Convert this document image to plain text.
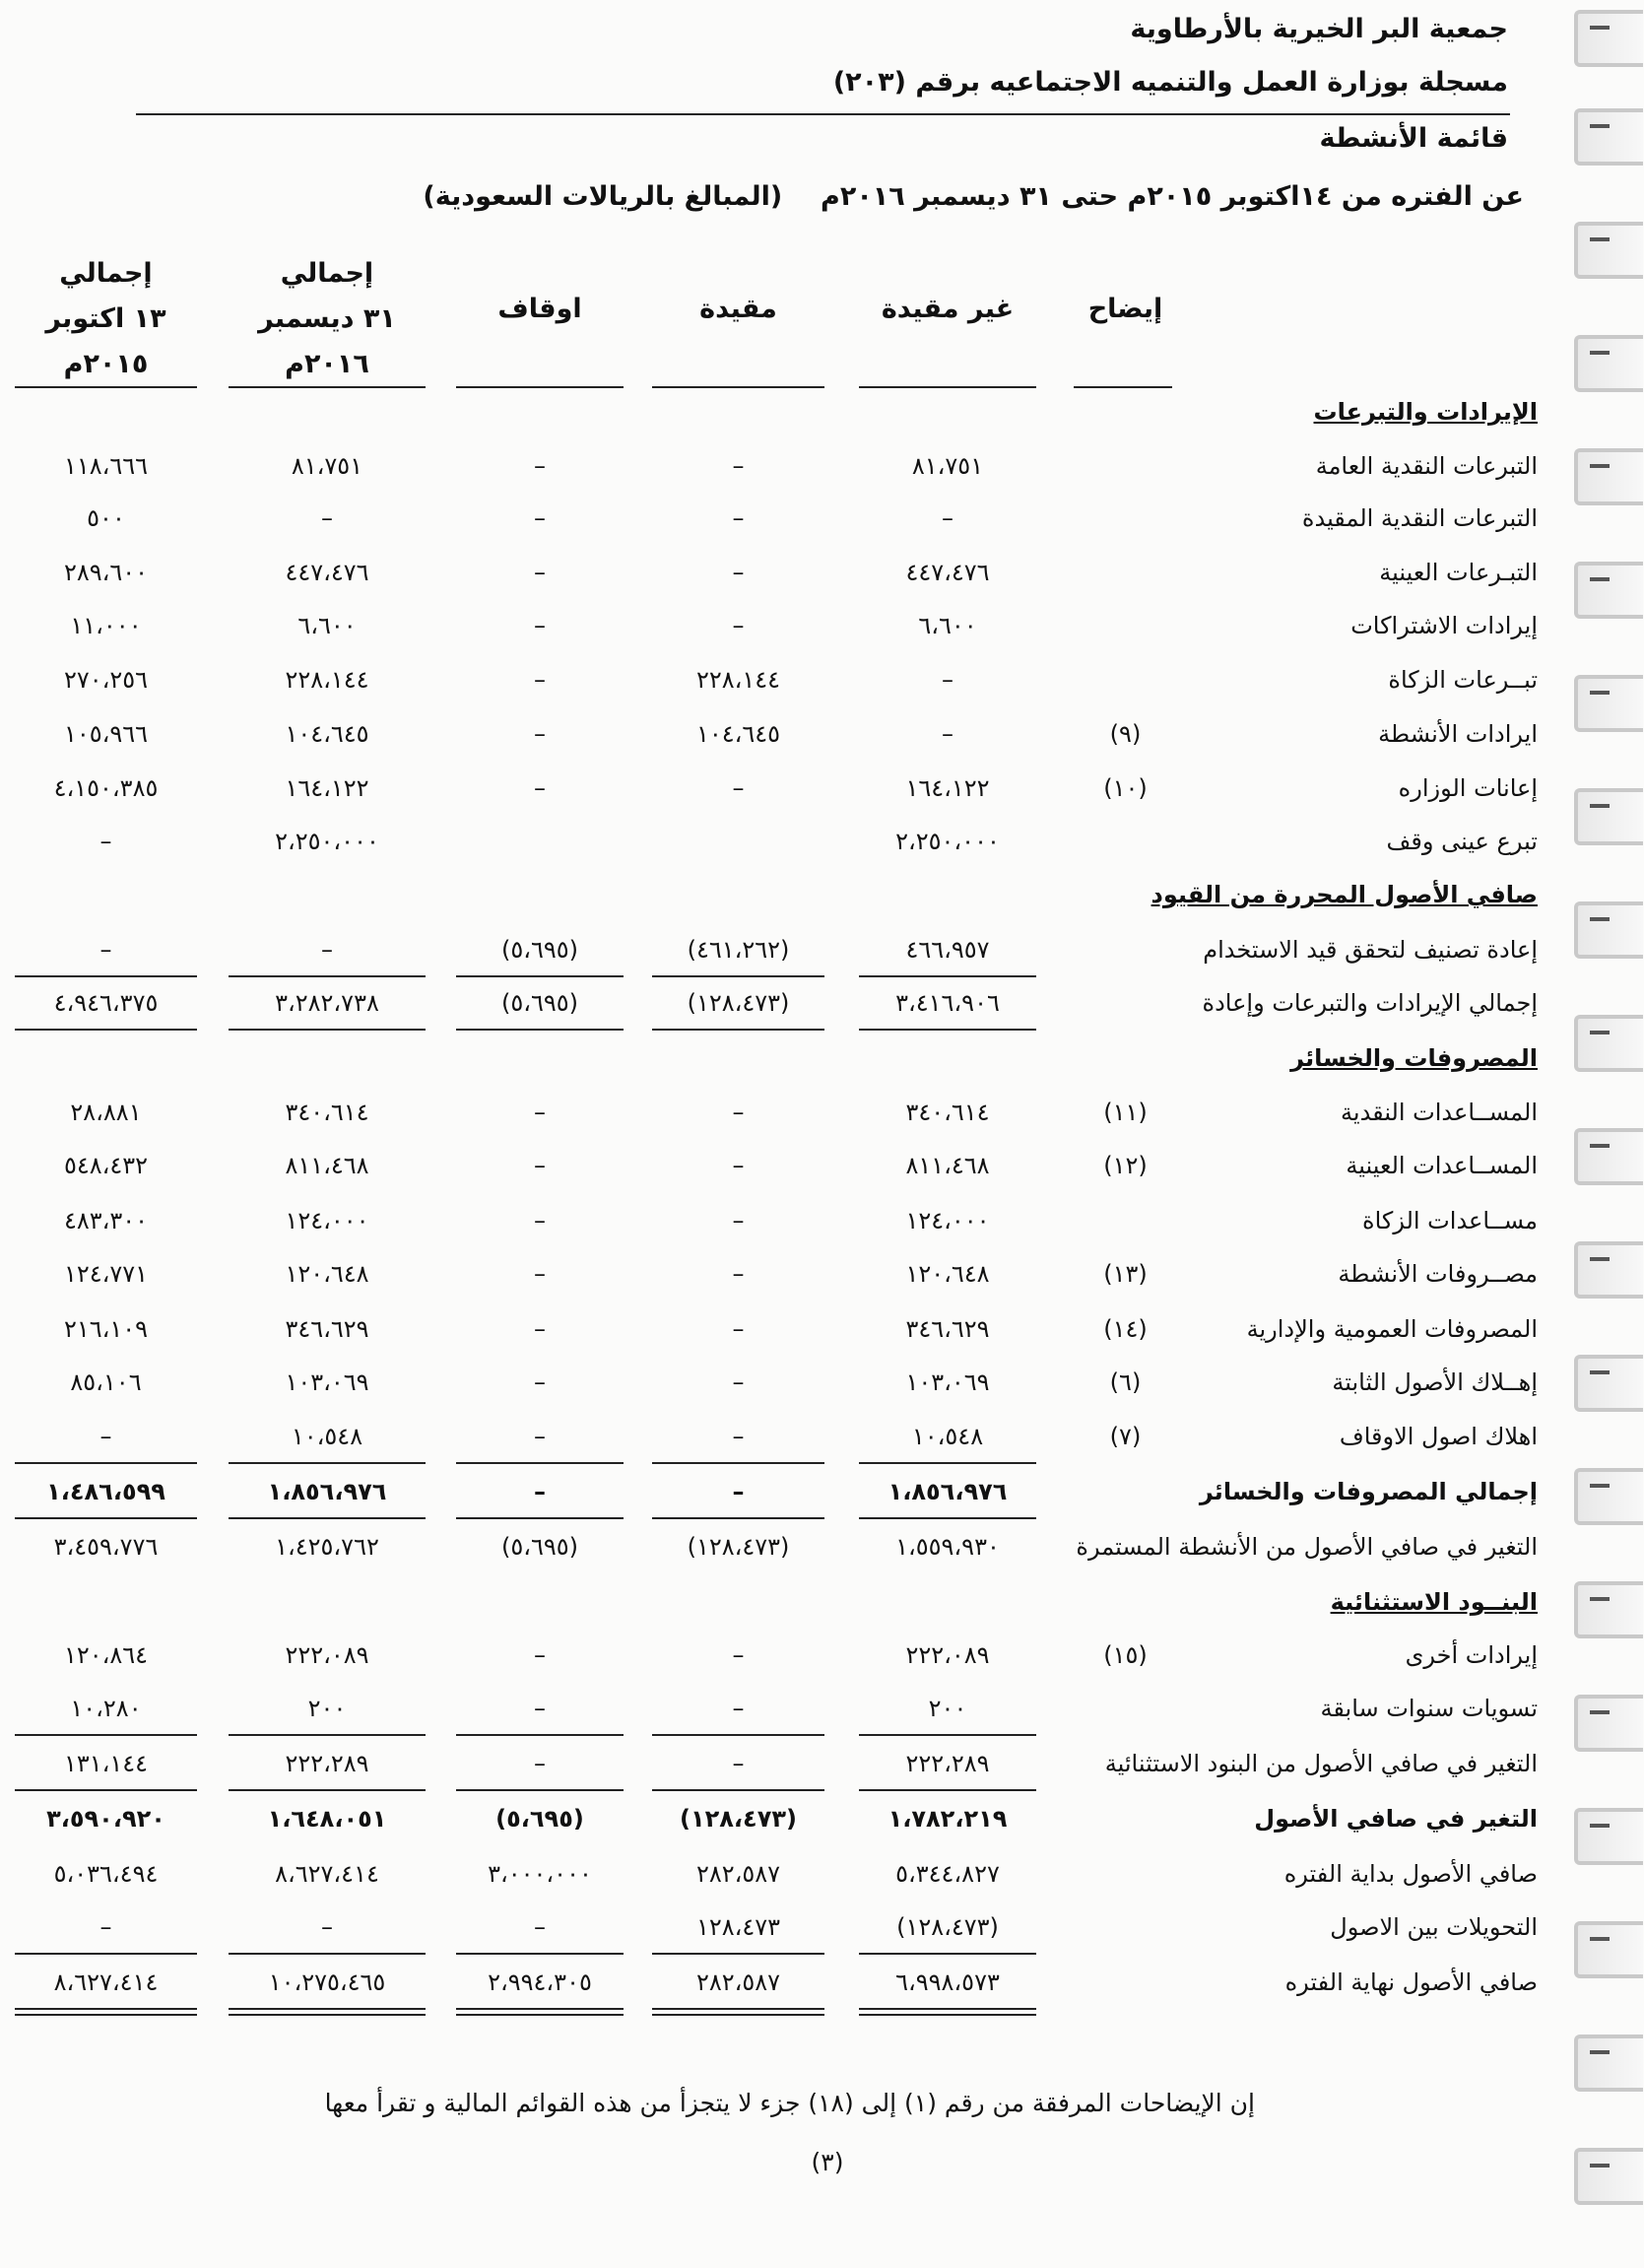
جمعية البر الخيرية بالأرطاوية
مسجلة بوزارة العمل والتنميه الاجتماعيه برقم (٢٠٣)
قائمة الأنشطة
عن الفتره من ١٤اكتوبر ٢٠١٥م حتى ٣١ ديسمبر ٢٠١٦م  (المبالغ بالريالات السعودية)
إيضاح
غير مقيدة
مقيدة
اوقاف
إجمالي
٣١ ديسمبر
٢٠١٦م
إجمالي
١٣ اكتوبر
٢٠١٥م
الإيرادات والتبرعات
التبرعات النقدية العامة
٨١،٧٥١
–
–
٨١،٧٥١
١١٨،٦٦٦
التبرعات النقدية المقيدة
–
–
–
–
٥٠٠
التبـرعات العينية
٤٤٧،٤٧٦
–
–
٤٤٧،٤٧٦
٢٨٩،٦٠٠
إيرادات الاشتراكات
٦،٦٠٠
–
–
٦،٦٠٠
١١،٠٠٠
تبــرعات الزكاة
–
٢٢٨،١٤٤
–
٢٢٨،١٤٤
٢٧٠،٢٥٦
ايرادات الأنشطة
(٩)
–
١٠٤،٦٤٥
–
١٠٤،٦٤٥
١٠٥،٩٦٦
إعانات الوزاره
(١٠)
١٦٤،١٢٢
–
–
١٦٤،١٢٢
٤،١٥٠،٣٨٥
تبرع عينى وقف
٢،٢٥٠،٠٠٠
٢،٢٥٠،٠٠٠
–
صافي الأصول المحررة من القيود
إعادة تصنيف لتحقق قيد الاستخدام
٤٦٦،٩٥٧
(٤٦١،٢٦٢)
(٥،٦٩٥)
–
–
إجمالي الإيرادات والتبرعات وإعادة
٣،٤١٦،٩٠٦
(١٢٨،٤٧٣)
(٥،٦٩٥)
٣،٢٨٢،٧٣٨
٤،٩٤٦،٣٧٥
المصروفات والخسائر
المســاعدات النقدية
(١١)
٣٤٠،٦١٤
–
–
٣٤٠،٦١٤
٢٨،٨٨١
المســاعدات العينية
(١٢)
٨١١،٤٦٨
–
–
٨١١،٤٦٨
٥٤٨،٤٣٢
مســاعدات الزكاة
١٢٤،٠٠٠
–
–
١٢٤،٠٠٠
٤٨٣،٣٠٠
مصــروفات الأنشطة
(١٣)
١٢٠،٦٤٨
–
–
١٢٠،٦٤٨
١٢٤،٧٧١
المصروفات العمومية والإدارية
(١٤)
٣٤٦،٦٢٩
–
–
٣٤٦،٦٢٩
٢١٦،١٠٩
إهــلاك الأصول الثابتة
(٦)
١٠٣،٠٦٩
–
–
١٠٣،٠٦٩
٨٥،١٠٦
اهلاك اصول الاوقاف
(٧)
١٠،٥٤٨
–
–
١٠،٥٤٨
–
إجمالي المصروفات والخسائر
١،٨٥٦،٩٧٦
–
–
١،٨٥٦،٩٧٦
١،٤٨٦،٥٩٩
التغير في صافي الأصول من الأنشطة المستمرة
١،٥٥٩،٩٣٠
(١٢٨،٤٧٣)
(٥،٦٩٥)
١،٤٢٥،٧٦٢
٣،٤٥٩،٧٧٦
البنــود الاستثنائية
إيرادات أخرى
(١٥)
٢٢٢،٠٨٩
–
–
٢٢٢،٠٨٩
١٢٠،٨٦٤
تسويات سنوات سابقة
٢٠٠
–
–
٢٠٠
١٠،٢٨٠
التغير في صافي الأصول من البنود الاستثنائية
٢٢٢،٢٨٩
–
–
٢٢٢،٢٨٩
١٣١،١٤٤
التغير في صافي الأصول
١،٧٨٢،٢١٩
(١٢٨،٤٧٣)
(٥،٦٩٥)
١،٦٤٨،٠٥١
٣،٥٩٠،٩٢٠
صافي الأصول بداية الفتره
٥،٣٤٤،٨٢٧
٢٨٢،٥٨٧
٣،٠٠٠،٠٠٠
٨،٦٢٧،٤١٤
٥،٠٣٦،٤٩٤
التحويلات بين الاصول
(١٢٨،٤٧٣)
١٢٨،٤٧٣
–
–
–
صافي الأصول نهاية الفتره
٦،٩٩٨،٥٧٣
٢٨٢،٥٨٧
٢،٩٩٤،٣٠٥
١٠،٢٧٥،٤٦٥
٨،٦٢٧،٤١٤
إن الإيضاحات المرفقة من رقم (١) إلى (١٨) جزء لا يتجزأ من هذه القوائم المالية و تقرأ معها
(٣)
